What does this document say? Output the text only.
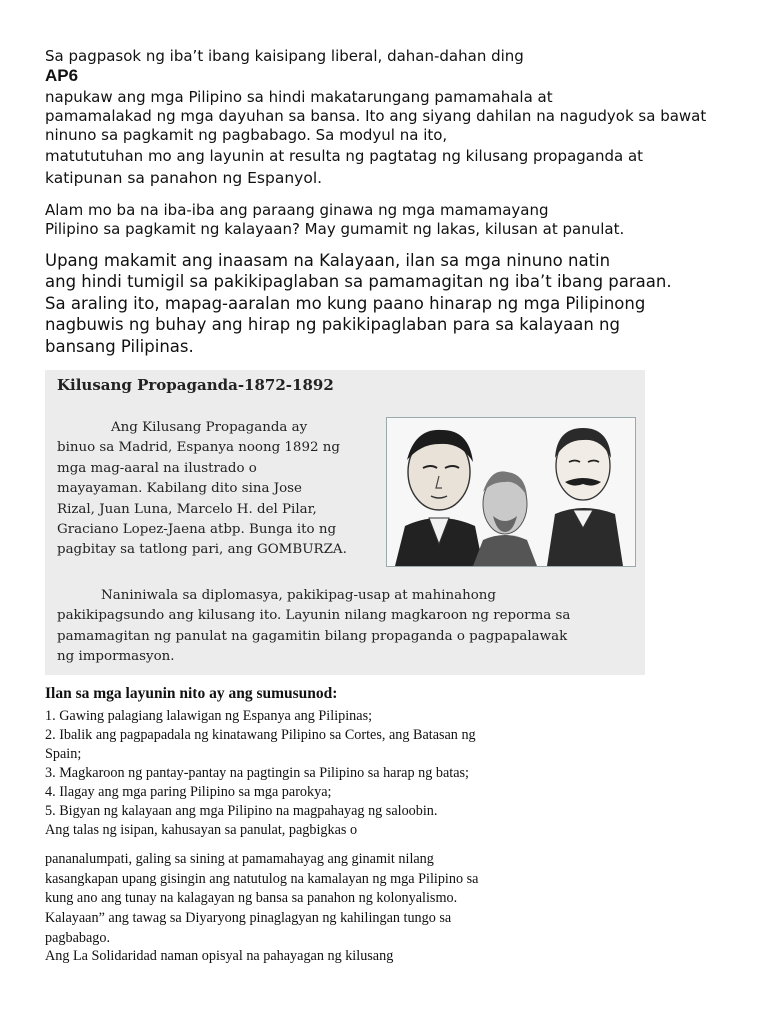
Sa pagpasok ng iba’t ibang kaisipang liberal, dahan-dahan ding
AP6
napukaw ang mga Pilipino sa hindi makatarungang pamamahala at
pamamalakad ng mga dayuhan sa bansa. Ito ang siyang dahilan na nagudyok sa bawat
ninuno sa pagkamit ng pagbabago. Sa modyul na ito,
matututuhan mo ang layunin at resulta ng pagtatag ng kilusang propaganda at
katipunan sa panahon ng Espanyol.
Alam mo ba na iba-iba ang paraang ginawa ng mga mamamayang
Pilipino sa pagkamit ng kalayaan? May gumamit ng lakas, kilusan at panulat.
Upang makamit ang inaasam na Kalayaan, ilan sa mga ninuno natin
ang hindi tumigil sa pakikipaglaban sa pamamagitan ng iba’t ibang paraan.
Sa araling ito, mapag-aaralan mo kung paano hinarap ng mga Pilipinong
nagbuwis ng buhay ang hirap ng pakikipaglaban para sa kalayaan ng
bansang Pilipinas.
Kilusang Propaganda-1872-1892
Ang Kilusang Propaganda ay
binuo sa Madrid, Espanya noong 1892 ng
mga mag-aaral na ilustrado o
mayayaman. Kabilang dito sina Jose
Rizal, Juan Luna, Marcelo H. del Pilar,
Graciano Lopez-Jaena atbp. Bunga ito ng
pagbitay sa tatlong pari, ang GOMBURZA.
Naniniwala sa diplomasya, pakikipag-usap at mahinahong
pakikipagsundo ang kilusang ito. Layunin nilang magkaroon ng reporma sa
pamamagitan ng panulat na gagamitin bilang propaganda o pagpapalawak
ng impormasyon.
Ilan sa mga layunin nito ay ang sumusunod:
1. Gawing palagiang lalawigan ng Espanya ang Pilipinas;
2. Ibalik ang pagpapadala ng kinatawang Pilipino sa Cortes, ang Batasan ng
Spain;
3. Magkaroon ng pantay-pantay na pagtingin sa Pilipino sa harap ng batas;
4. Ilagay ang mga paring Pilipino sa mga parokya;
5. Bigyan ng kalayaan ang mga Pilipino na magpahayag ng saloobin.
Ang talas ng isipan, kahusayan sa panulat, pagbigkas o
pananalumpati, galing sa sining at pamamahayag ang ginamit nilang
kasangkapan upang gisingin ang natutulog na kamalayan ng mga Pilipino sa
kung ano ang tunay na kalagayan ng bansa sa panahon ng kolonyalismo.
Kalayaan” ang tawag sa Diyaryong pinaglagyan ng kahilingan tungo sa
pagbabago.
Ang La Solidaridad naman opisyal na pahayagan ng kilusang
